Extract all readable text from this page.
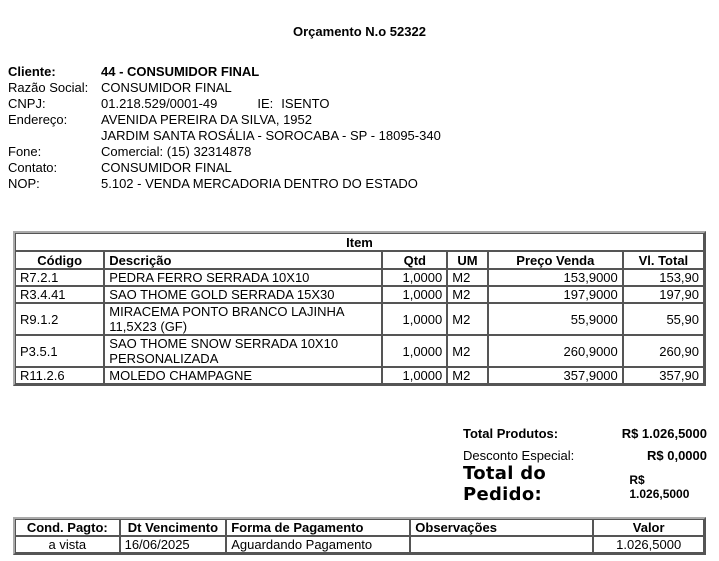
Orçamento N.o 52322
Cliente:	44 - CONSUMIDOR FINAL
Razão Social: CONSUMIDOR FINAL
CNPJ:	01.218.529/0001-49	IE: ISENTO
Endereço:	AVENIDA PEREIRA DA SILVA, 1952
JARDIM SANTA ROSÁLIA - SOROCABA - SP - 18095-340
Fone:	Comercial: (15) 32314878
Contato:	CONSUMIDOR FINAL
NOP:	5.102 - VENDA MERCADORIA DENTRO DO ESTADO
Item					
Código	Descrição	Qtd	UM	Preço Venda	Vl. Total
R7.2.1	PEDRA FERRO SERRADA 10X10	1,0000	M2	153,9000	153,90
R3.4.41	SAO THOME GOLD SERRADA 15X30	1,0000	M2	197,9000	197,90
R9.1.2	MIRACEMA PONTO BRANCO LAJINHA 11,5X23 (GF)	1,0000	M2	55,9000	55,90
P3.5.1	SAO THOME SNOW SERRADA 10X10 PERSONALIZADA	1,0000	M2	260,9000	260,90
R11.2.6	MOLEDO CHAMPAGNE	1,0000	M2	357,9000	357,90
Total Produtos:	R$ 1.026,5000
Desconto Especial:	R$ 0,0000
Total do Pedido:
R$ 1.026,5000
Cond. Pagto:	Dt Vencimento	Forma de Pagamento	Observações	Valor
a vista	16/06/2025	Aguardando Pagamento		1.026,5000
